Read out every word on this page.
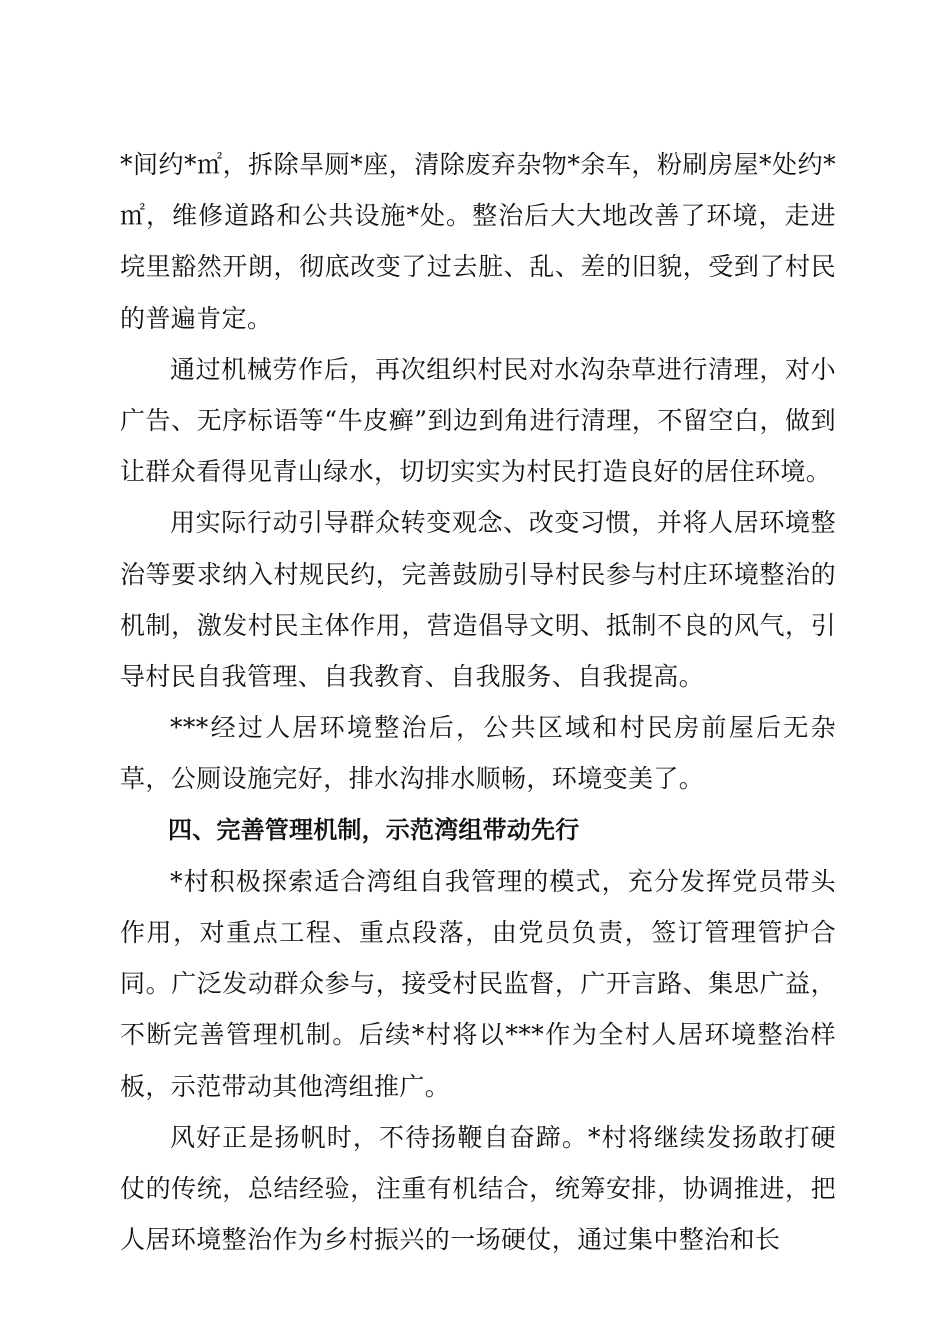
*间约*㎡，拆除旱厕*座，清除废弃杂物*余车，粉刷房屋*处约*㎡，维修道路和公共设施*处。整治后大大地改善了环境，走进垸里豁然开朗，彻底改变了过去脏、乱、差的旧貌，受到了村民的普遍肯定。

通过机械劳作后，再次组织村民对水沟杂草进行清理，对小广告、无序标语等“牛皮癣”到边到角进行清理，不留空白，做到让群众看得见青山绿水，切切实实为村民打造良好的居住环境。

用实际行动引导群众转变观念、改变习惯，并将人居环境整治等要求纳入村规民约，完善鼓励引导村民参与村庄环境整治的机制，激发村民主体作用，营造倡导文明、抵制不良的风气，引导村民自我管理、自我教育、自我服务、自我提高。

***经过人居环境整治后，公共区域和村民房前屋后无杂草，公厕设施完好，排水沟排水顺畅，环境变美了。

四、完善管理机制，示范湾组带动先行

*村积极探索适合湾组自我管理的模式，充分发挥党员带头作用，对重点工程、重点段落，由党员负责，签订管理管护合同。广泛发动群众参与，接受村民监督，广开言路、集思广益，不断完善管理机制。后续*村将以***作为全村人居环境整治样板，示范带动其他湾组推广。

风好正是扬帆时，不待扬鞭自奋蹄。*村将继续发扬敢打硬仗的传统，总结经验，注重有机结合，统筹安排，协调推进，把人居环境整治作为乡村振兴的一场硬仗，通过集中整治和长
